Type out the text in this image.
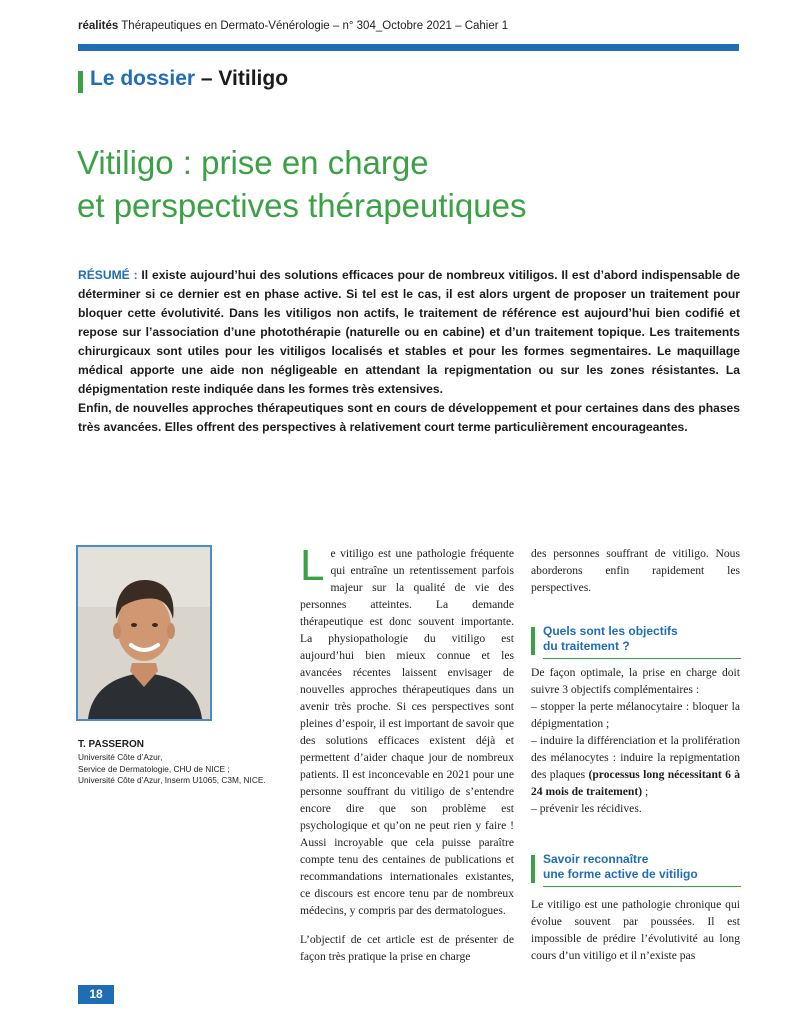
réalités Thérapeutiques en Dermato-Vénérologie – n° 304_Octobre 2021 – Cahier 1
Le dossier – Vitiligo
Vitiligo : prise en charge
et perspectives thérapeutiques

RÉSUMÉ : Il existe aujourd’hui des solutions efficaces pour de nombreux vitiligos. Il est d’abord indispensable de déterminer si ce dernier est en phase active. Si tel est le cas, il est alors urgent de proposer un traitement pour bloquer cette évolutivité. Dans les vitiligos non actifs, le traitement de référence est aujourd’hui bien codifié et repose sur l’association d’une photothérapie (naturelle ou en cabine) et d’un traitement topique. Les traitements chirurgicaux sont utiles pour les vitiligos localisés et stables et pour les formes segmentaires. Le maquillage médical apporte une aide non négligeable en attendant la repigmentation ou sur les zones résistantes. La dépigmentation reste indiquée dans les formes très extensives.

Enfin, de nouvelles approches thérapeutiques sont en cours de développement et pour certaines dans des phases très avancées. Elles offrent des perspectives à relativement court terme particulièrement encourageantes.

T. PASSERON
Université Côte d’Azur,
Service de Dermatologie, CHU de NICE ;
Université Côte d’Azur, Inserm U1065, C3M, NICE.

Le vitiligo est une pathologie fréquente qui entraîne un retentissement parfois majeur sur la qualité de vie des personnes atteintes. La demande thérapeutique est donc souvent importante. La physiopathologie du vitiligo est aujourd’hui bien mieux connue et les avancées récentes laissent envisager de nouvelles approches thérapeutiques dans un avenir très proche. Si ces perspectives sont pleines d’espoir, il est important de savoir que des solutions efficaces existent déjà et permettent d’aider chaque jour de nombreux patients. Il est inconcevable en 2021 pour une personne souffrant du vitiligo de s’entendre encore dire que son problème est psychologique et qu’on ne peut rien y faire ! Aussi incroyable que cela puisse paraître compte tenu des centaines de publications et recommandations internationales existantes, ce discours est encore tenu par de nombreux médecins, y compris par des dermatologues.

L’objectif de cet article est de présenter de façon très pratique la prise en charge

des personnes souffrant de vitiligo. Nous aborderons enfin rapidement les perspectives.

Quels sont les objectifs
du traitement ?

De façon optimale, la prise en charge doit suivre 3 objectifs complémentaires :

– stopper la perte mélanocytaire : bloquer la dépigmentation ;

– induire la différenciation et la prolifération des mélanocytes : induire la repigmentation des plaques (processus long nécessitant 6 à 24 mois de traitement) ;

– prévenir les récidives.

Savoir reconnaître
une forme active de vitiligo

Le vitiligo est une pathologie chronique qui évolue souvent par poussées. Il est impossible de prédire l’évolutivité au long cours d’un vitiligo et il n’existe pas

18
